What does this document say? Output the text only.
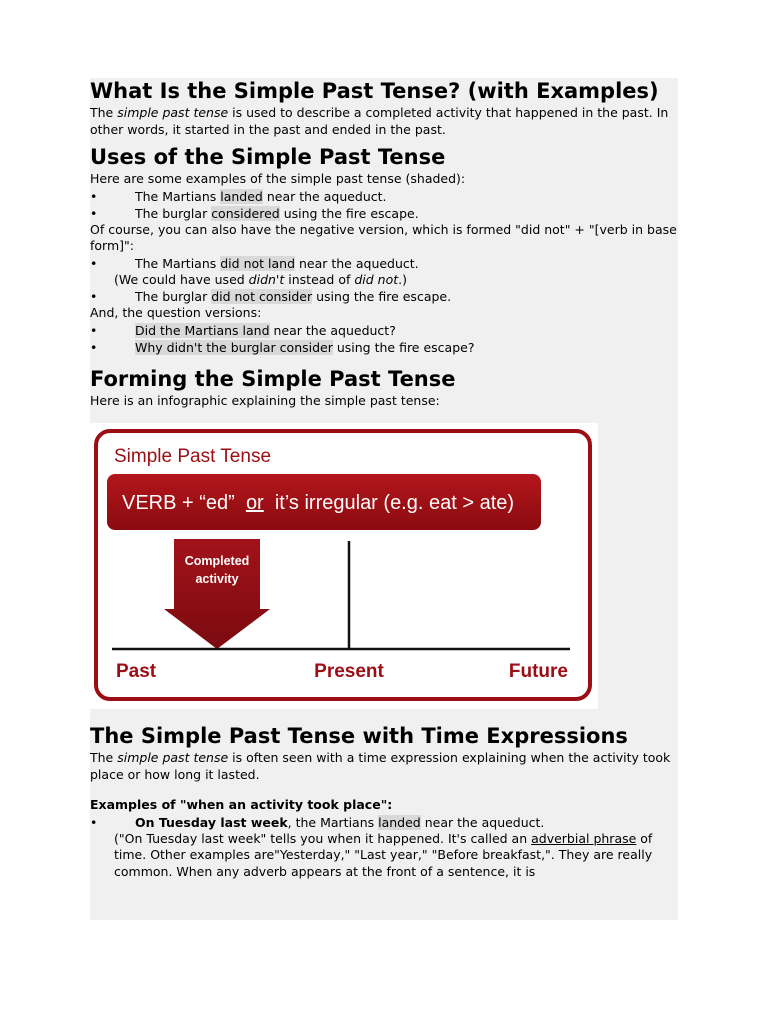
What Is the Simple Past Tense? (with Examples)

The simple past tense is used to describe a completed activity that happened in the past. In other words, it started in the past and ended in the past.

Uses of the Simple Past Tense

Here are some examples of the simple past tense (shaded):

•	The Martians landed near the aqueduct.
•	The burglar considered using the fire escape.

Of course, you can also have the negative version, which is formed "did not" + "[verb in base form]":

•	The Martians did not land near the aqueduct.

(We could have used didn't instead of did not.)

•	The burglar did not consider using the fire escape.

And, the question versions:

•	Did the Martians land near the aqueduct?
•	Why didn't the burglar consider using the fire escape?
Forming the Simple Past Tense

Here is an infographic explaining the simple past tense:

Simple Past Tense
VERB + “ed”  or  it’s irregular (e.g. eat > ate)
Completed
activity
Past	Present	Future
The Simple Past Tense with Time Expressions

The simple past tense is often seen with a time expression explaining when the activity took place or how long it lasted.

Examples of "when an activity took place":

•	On Tuesday last week, the Martians landed near the aqueduct.

("On Tuesday last week" tells you when it happened. It's called an adverbial phrase of time. Other examples are"Yesterday," "Last year," "Before breakfast,". They are really common. When any adverb appears at the front of a sentence, it is
